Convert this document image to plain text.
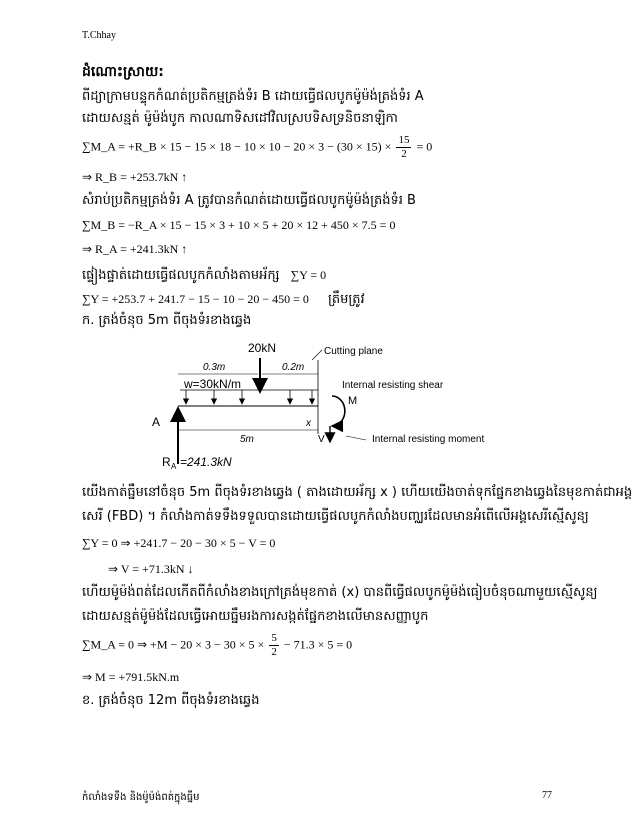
T.Chhay
ដំណោះស្រាយ:
ពីដ្យាក្រាមបន្ទុកកំណត់ប្រតិកម្មត្រង់ទំរ B ដោយធ្វើផលបូកម៉ូម៉ង់ត្រង់ទំរ A
ដោយសន្មត់ ម៉ូម៉ង់បូក កាលណាទិសដៅវិលស្របទិសទ្រនិចនាឡិកា
∑M_A = +R_B × $15 - 15 \times 18 - 10 \times 10 - 20 \times 3 - (30 \times 15) \times \frac{15}{2} = 0$
⇒ R_B = +253.7kN ↑
សំរាប់ប្រតិកម្មត្រង់ទំរ A ត្រូវបានកំណត់ដោយធ្វើផលបូកម៉ូម៉ង់ត្រង់ទំរ B
∑M_B = −R_A × 15 − 15 × 3 + 10 × 5 + 20 × 12 + 450 × 7.5 = 0
⇒ R_A = +241.3kN ↑
ផ្ទៀងផ្ទាត់ដោយធ្វើផលបូកកំលាំងតាមអ័ក្ស ∑Y = 0
∑Y = +253.7 + 241.7 − 15 − 10 − 20 − 450 = 0 ត្រឹមត្រូវ
ក. ត្រង់ចំនុច 5m ពីចុងទំរខាងឆ្វេង
20kN	Cutting plane
0.3m	0.2m
w=30kN/m
M
Internal resisting shear
A	x
5m	V	Internal resisting moment
R A =241.3kN
យើងកាត់ធ្នឹមនៅចំនុច 5m ពីចុងទំរខាងឆ្វេង ( តាងដោយអ័ក្ស x ) ហើយយើងចាត់ទុកផ្នែកខាងឆ្វេងនៃមុខកាត់ជាអង្គ
សេរី (FBD) ។ កំលាំងកាត់ទទឹងទទួលបានដោយធ្វើផលបូកកំលាំងបញ្ឈរដែលមានអំពើលើអង្គសេរីស្មើសូន្យ
∑Y = 0 ⇒ +241.7 − 20 − 30 × 5 − V = 0
⇒ V = +71.3kN ↓
ហើយម៉ូម៉ង់ពត់ដែលកើតពីកំលាំងខាងក្រៅត្រង់មុខកាត់ (x) បានពីធ្វើផលបូកម៉ូម៉ង់ធៀបចំនុចណាមួយស្មើសូន្យ
ដោយសន្មត់ម៉ូម៉ង់ដែលធ្វើអោយធ្នឹមរងការសង្កត់ផ្នែកខាងលើមានសញ្ញាបូក
∑M_A = 0 ⇒ $+M - 20 \times 3 - 30 \times 5 \times \frac{5}{2} - 71.3 \times 5 = 0$
⇒ M = +791.5kN.m
ខ. ត្រង់ចំនុច 12m ពីចុងទំរខាងឆ្វេង
កំលាំងទទឹង និងម៉ូម៉ង់ពត់ក្នុងធ្នឹម	77
